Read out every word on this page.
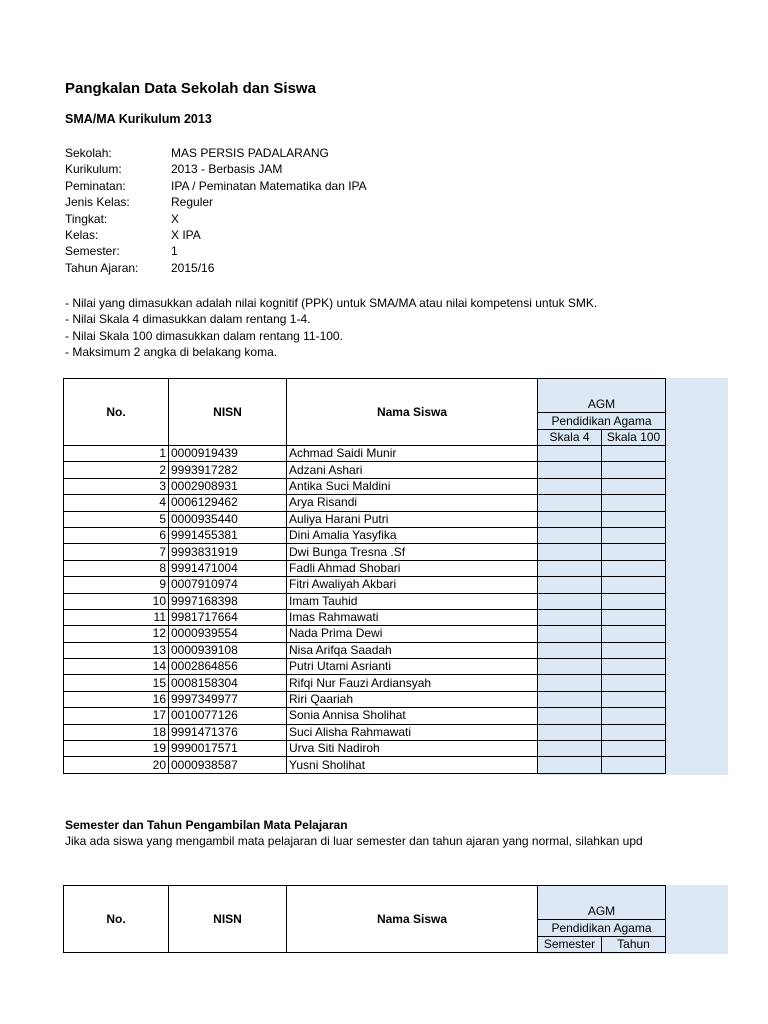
Pangkalan Data Sekolah dan Siswa
SMA/MA Kurikulum 2013
Sekolah:	MAS PERSIS PADALARANG
Kurikulum:	2013 - Berbasis JAM
Peminatan:	IPA / Peminatan Matematika dan IPA
Jenis Kelas:	Reguler
Tingkat:	X
Kelas:	X IPA
Semester:	1
Tahun Ajaran:	2015/16
- Nilai yang dimasukkan adalah nilai kognitif (PPK) untuk SMA/MA atau nilai kompetensi untuk SMK.
- Nilai Skala 4 dimasukkan dalam rentang 1-4.
- Nilai Skala 100 dimasukkan dalam rentang 11-100.
- Maksimum 2 angka di belakang koma.
No.	NISN	Nama Siswa		
			AGM	
			Pendidikan Agama	
			Skala 4	Skala 100
1	0000919439	Achmad Saidi Munir		
2	9993917282	Adzani Ashari		
3	0002908931	Antika Suci Maldini		
4	0006129462	Arya Risandi		
5	0000935440	Auliya Harani Putri		
6	9991455381	Dini Amalia Yasyfika		
7	9993831919	Dwi Bunga Tresna .Sf		
8	9991471004	Fadli Ahmad Shobari		
9	0007910974	Fitri Awaliyah Akbari		
10	9997168398	Imam Tauhid		
11	9981717664	Imas Rahmawati		
12	0000939554	Nada Prima Dewi		
13	0000939108	Nisa Arifqa Saadah		
14	0002864856	Putri Utami Asrianti		
15	0008158304	Rifqi Nur Fauzi Ardiansyah		
16	9997349977	Riri Qaariah		
17	0010077126	Sonia Annisa Sholihat		
18	9991471376	Suci Alisha Rahmawati		
19	9990017571	Urva Siti Nadiroh		
20	0000938587	Yusni Sholihat		
Semester dan Tahun Pengambilan Mata Pelajaran
Jika ada siswa yang mengambil mata pelajaran di luar semester dan tahun ajaran yang normal, silahkan upd
No.	NISN	Nama Siswa		
			AGM	
			Pendidikan Agama	
			Semester	Tahun
